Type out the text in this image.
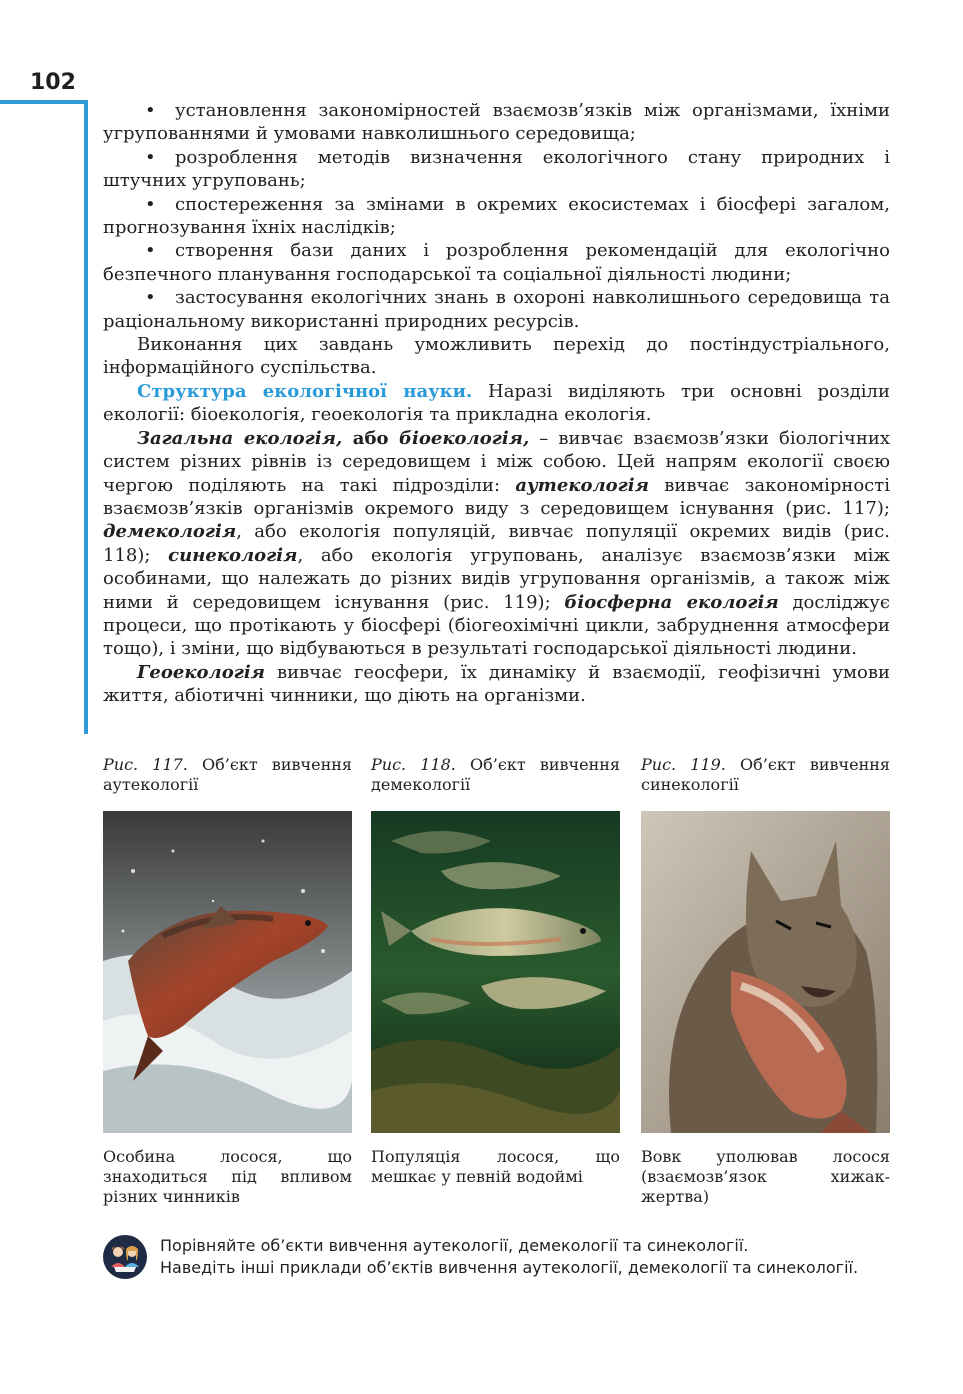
102

• установлення закономірностей взаємозв’язків між організмами, їхніми угрупованнями й умовами навколишнього середовища;

• розроблення методів визначення екологічного стану природних і штучних угруповань;

• спостереження за змінами в окремих екосистемах і біосфері загалом, прогнозування їхніх наслідків;

• створення бази даних і розроблення рекомендацій для екологічно безпечного планування господарської та соціальної діяльності людини;

• застосування екологічних знань в охороні навколишнього середовища та раціональному використанні природних ресурсів.

Виконання цих завдань уможливить перехід до постіндустріального, інформаційного суспільства.

Структура екологічної науки. Наразі виділяють три основні розділи екології: біоекологія, геоекологія та прикладна екологія.

Загальна екологія, або біоекологія, – вивчає взаємозв’язки біологічних систем різних рівнів із середовищем і між собою. Цей напрям екології своєю чергою поділяють на такі підрозділи: аутекологія вивчає закономірності взаємозв’язків організмів окремого виду з середовищем існування (рис. 117); демекологія, або екологія популяцій, вивчає популяції окремих видів (рис. 118); синекологія, або екологія угруповань, аналізує взаємозв’язки між особинами, що належать до різних видів угруповання організмів, а також між ними й середовищем існування (рис. 119); біосферна екологія досліджує процеси, що протікають у біосфері (біогеохімічні цикли, забруднення атмосфери тощо), і зміни, що відбуваються в результаті господарської діяльності людини.

Геоекологія вивчає геосфери, їх динаміку й взаємодії, геофізичні умови життя, абіотичні чинники, що діють на організми.

Рис. 117. Об’єкт вивчення аутекології
Особина лосося, що знаходиться під впливом різних чинників
Рис. 118. Об’єкт вивчення демекології
Популяція лосося, що мешкає у певній водоймі
Рис. 119. Об’єкт вивчення синекології
Вовк уполював лосося (взаємозв’язок хижак-жертва)
Порівняйте об’єкти вивчення аутекології, демекології та синекології.
Наведіть інші приклади об’єктів вивчення аутекології, демекології та синекології.
